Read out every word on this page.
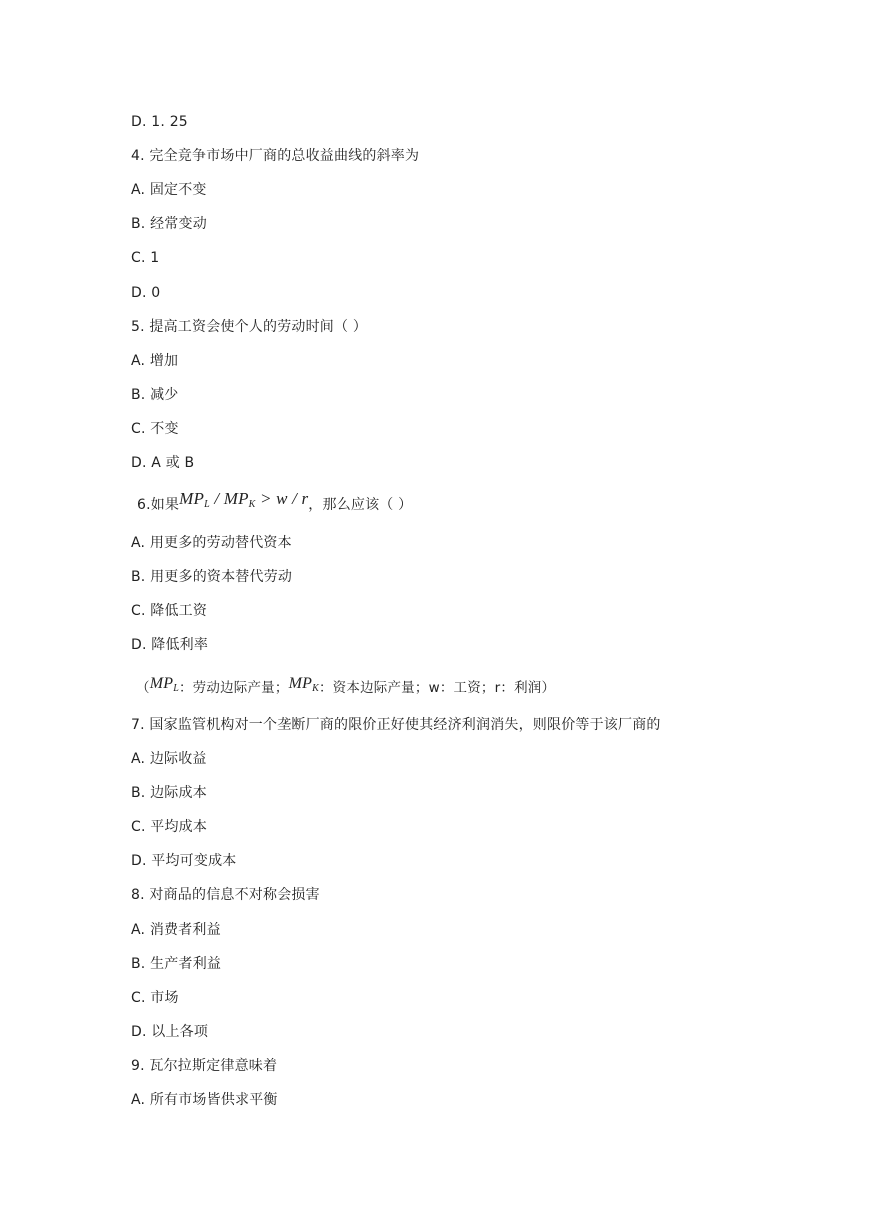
D. 1. 25
4. 完全竞争市场中厂商的总收益曲线的斜率为
A. 固定不变
B. 经常变动
C. 1
D. 0
5. 提高工资会使个人的劳动时间（ ）
A. 增加
B. 减少
C. 不变
D. A 或 B
6.如果$MP_L / MP_K > w / r$，那么应该（ ）
A. 用更多的劳动替代资本
B. 用更多的资本替代劳动
C. 降低工资
D. 降低利率
（$MP_L$：劳动边际产量；$MP_K$：资本边际产量；w：工资；r：利润）
7. 国家监管机构对一个垄断厂商的限价正好使其经济利润消失，则限价等于该厂商的
A. 边际收益
B. 边际成本
C. 平均成本
D. 平均可变成本
8. 对商品的信息不对称会损害
A. 消费者利益
B. 生产者利益
C. 市场
D. 以上各项
9. 瓦尔拉斯定律意味着
A. 所有市场皆供求平衡
